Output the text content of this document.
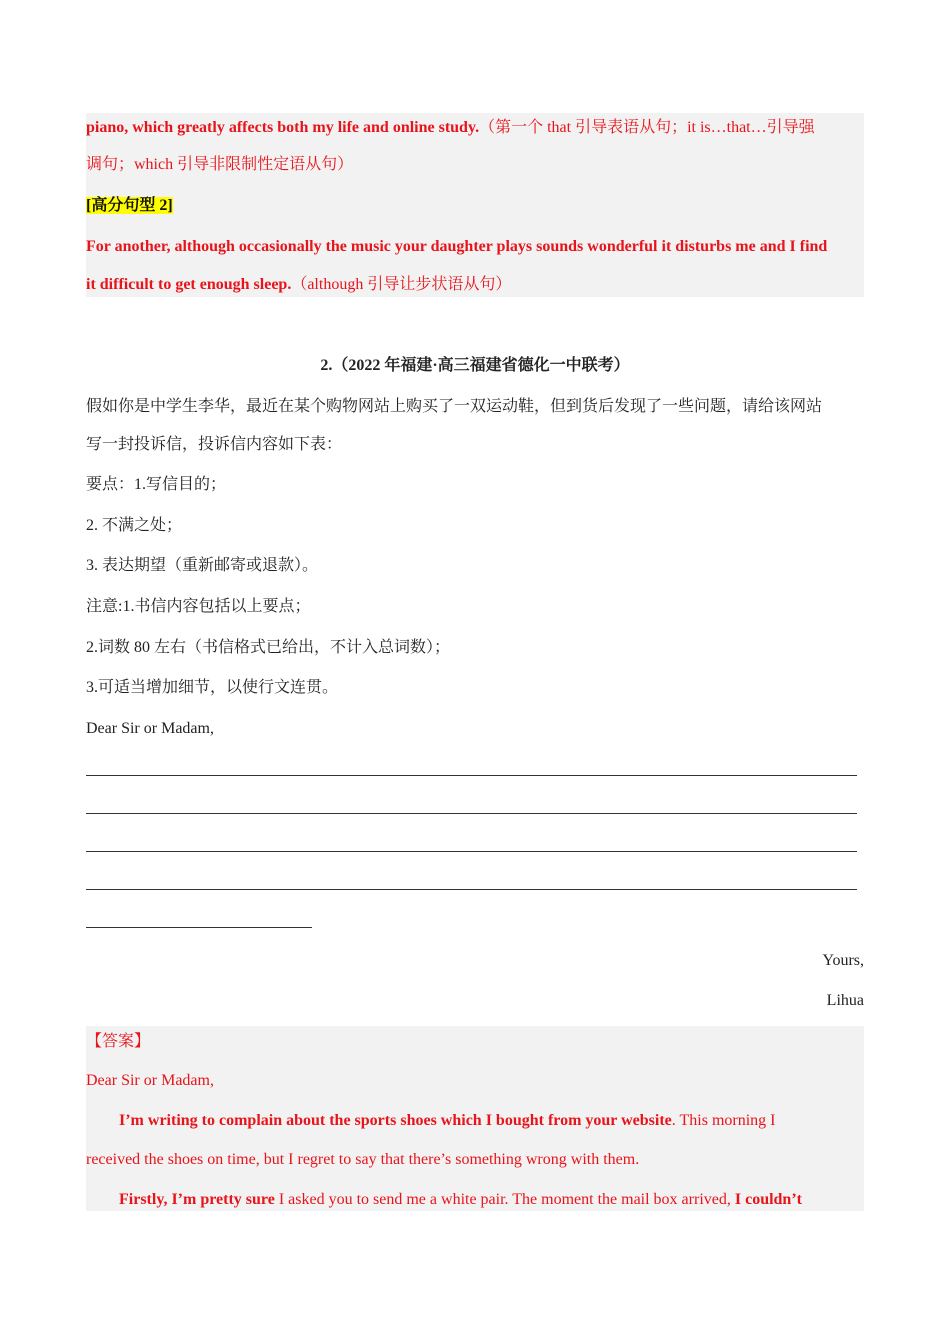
piano, which greatly affects both my life and online study.（第一个 that 引导表语从句；it is…that…引导强
调句；which 引导非限制性定语从句）
[高分句型 2]
For another, although occasionally the music your daughter plays sounds wonderful it disturbs me and I find
it difficult to get enough sleep.（although 引导让步状语从句）
2.（2022 年福建·高三福建省德化一中联考）
假如你是中学生李华，最近在某个购物网站上购买了一双运动鞋，但到货后发现了一些问题，请给该网站
写一封投诉信，投诉信内容如下表：
要点：1.写信目的；
2. 不满之处；
3. 表达期望（重新邮寄或退款）。
注意:1.书信内容包括以上要点；
2.词数 80 左右（书信格式已给出，不计入总词数）；
3.可适当增加细节，以使行文连贯。
Dear Sir or Madam,
Yours,
Lihua
【答案】
Dear Sir or Madam,
I’m writing to complain about the sports shoes which I bought from your website. This morning I
received the shoes on time, but I regret to say that there’s something wrong with them.
Firstly, I’m pretty sure I asked you to send me a white pair. The moment the mail box arrived, I couldn’t
